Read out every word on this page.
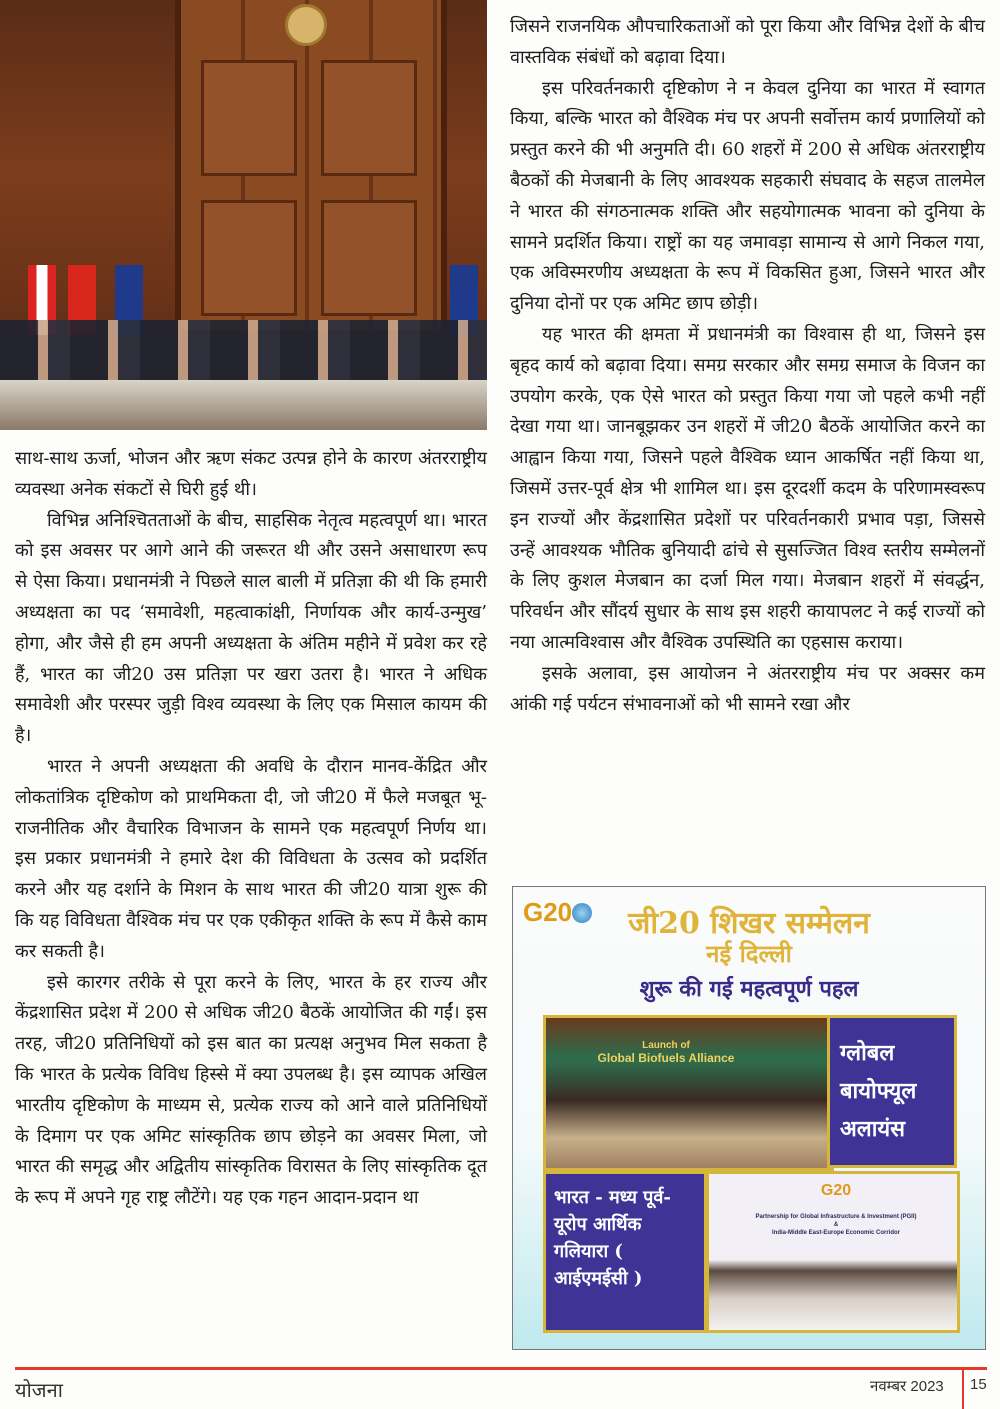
साथ-साथ ऊर्जा, भोजन और ऋण संकट उत्पन्न होने के कारण अंतरराष्ट्रीय व्यवस्था अनेक संकटों से घिरी हुई थी।

विभिन्न अनिश्चितताओं के बीच, साहसिक नेतृत्व महत्वपूर्ण था। भारत को इस अवसर पर आगे आने की जरूरत थी और उसने असाधारण रूप से ऐसा किया। प्रधानमंत्री ने पिछले साल बाली में प्रतिज्ञा की थी कि हमारी अध्यक्षता का पद ‘समावेशी, महत्वाकांक्षी, निर्णायक और कार्य-उन्मुख’ होगा, और जैसे ही हम अपनी अध्यक्षता के अंतिम महीने में प्रवेश कर रहे हैं, भारत का जी20 उस प्रतिज्ञा पर खरा उतरा है। भारत ने अधिक समावेशी और परस्पर जुड़ी विश्व व्यवस्था के लिए एक मिसाल कायम की है।

भारत ने अपनी अध्यक्षता की अवधि के दौरान मानव-केंद्रित और लोकतांत्रिक दृष्टिकोण को प्राथमिकता दी, जो जी20 में फैले मजबूत भू-राजनीतिक और वैचारिक विभाजन के सामने एक महत्वपूर्ण निर्णय था। इस प्रकार प्रधानमंत्री ने हमारे देश की विविधता के उत्सव को प्रदर्शित करने और यह दर्शाने के मिशन के साथ भारत की जी20 यात्रा शुरू की कि यह विविधता वैश्विक मंच पर एक एकीकृत शक्ति के रूप में कैसे काम कर सकती है।

इसे कारगर तरीके से पूरा करने के लिए, भारत के हर राज्य और केंद्रशासित प्रदेश में 200 से अधिक जी20 बैठकें आयोजित की गईं। इस तरह, जी20 प्रतिनिधियों को इस बात का प्रत्यक्ष अनुभव मिल सकता है कि भारत के प्रत्येक विविध हिस्से में क्या उपलब्ध है। इस व्यापक अखिल भारतीय दृष्टिकोण के माध्यम से, प्रत्येक राज्य को आने वाले प्रतिनिधियों के दिमाग पर एक अमिट सांस्कृतिक छाप छोड़ने का अवसर मिला, जो भारत की समृद्ध और अद्वितीय सांस्कृतिक विरासत के लिए सांस्कृतिक दूत के रूप में अपने गृह राष्ट्र लौटेंगे। यह एक गहन आदान-प्रदान था

जिसने राजनयिक औपचारिकताओं को पूरा किया और विभिन्न देशों के बीच वास्तविक संबंधों को बढ़ावा दिया।

इस परिवर्तनकारी दृष्टिकोण ने न केवल दुनिया का भारत में स्वागत किया, बल्कि भारत को वैश्विक मंच पर अपनी सर्वोत्तम कार्य प्रणालियों को प्रस्तुत करने की भी अनुमति दी। 60 शहरों में 200 से अधिक अंतरराष्ट्रीय बैठकों की मेजबानी के लिए आवश्यक सहकारी संघवाद के सहज तालमेल ने भारत की संगठनात्मक शक्ति और सहयोगात्मक भावना को दुनिया के सामने प्रदर्शित किया। राष्ट्रों का यह जमावड़ा सामान्य से आगे निकल गया, एक अविस्मरणीय अध्यक्षता के रूप में विकसित हुआ, जिसने भारत और दुनिया दोनों पर एक अमिट छाप छोड़ी।

यह भारत की क्षमता में प्रधानमंत्री का विश्वास ही था, जिसने इस बृहद कार्य को बढ़ावा दिया। समग्र सरकार और समग्र समाज के विजन का उपयोग करके, एक ऐसे भारत को प्रस्तुत किया गया जो पहले कभी नहीं देखा गया था। जानबूझकर उन शहरों में जी20 बैठकें आयोजित करने का आह्वान किया गया, जिसने पहले वैश्विक ध्यान आकर्षित नहीं किया था, जिसमें उत्तर-पूर्व क्षेत्र भी शामिल था। इस दूरदर्शी कदम के परिणामस्वरूप इन राज्यों और केंद्रशासित प्रदेशों पर परिवर्तनकारी प्रभाव पड़ा, जिससे उन्हें आवश्यक भौतिक बुनियादी ढांचे से सुसज्जित विश्व स्तरीय सम्मेलनों के लिए कुशल मेजबान का दर्जा मिल गया। मेजबान शहरों में संवर्द्धन, परिवर्धन और सौंदर्य सुधार के साथ इस शहरी कायापलट ने कई राज्यों को नया आत्मविश्वास और वैश्विक उपस्थिति का एहसास कराया।

इसके अलावा, इस आयोजन ने अंतरराष्ट्रीय मंच पर अक्सर कम आंकी गई पर्यटन संभावनाओं को भी सामने रखा और

G20	जी20 शिखर सम्मेलन
नई दिल्ली
शुरू की गई महत्वपूर्ण पहल
Launch of
Global Biofuels Alliance	ग्लोबल बायोफ्यूल अलायंस
भारत - मध्य पूर्व- यूरोप आर्थिक गलियारा ( आईएमईसी )
G20
Partnership for Global Infrastructure & Investment (PGII)
&
India-Middle East-Europe Economic Corridor
योजना	नवम्बर 2023 15
